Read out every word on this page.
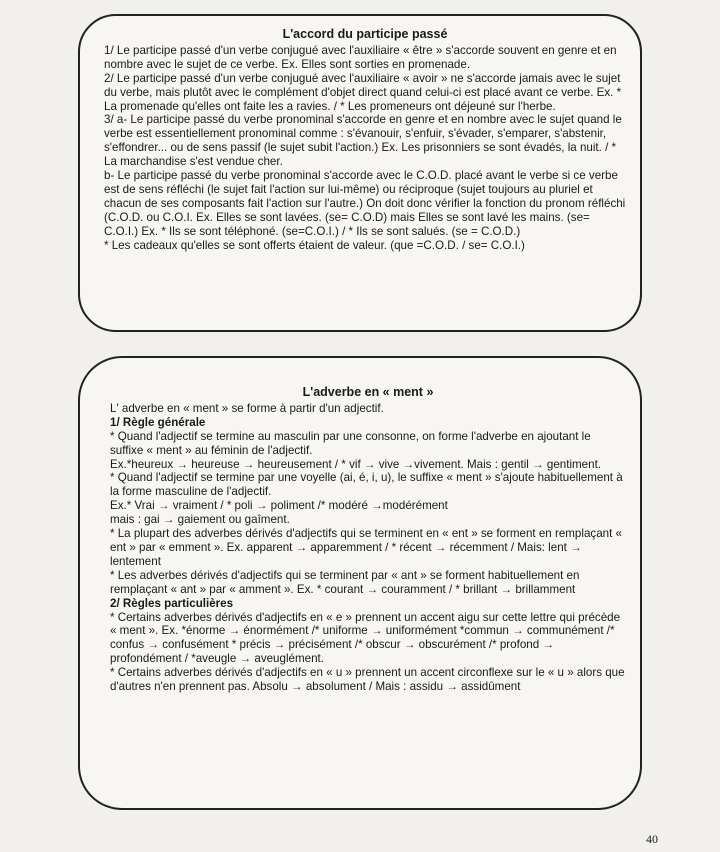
L'accord du participe passé

1/ Le participe passé d'un verbe conjugué avec l'auxiliaire « être » s'accorde souvent en genre et en nombre avec le sujet de ce verbe. Ex. Elles sont sorties en promenade.

2/ Le participe passé d'un verbe conjugué avec l'auxiliaire « avoir » ne s'accorde jamais avec le sujet du verbe, mais plutôt avec le complément d'objet direct quand celui-ci est placé avant ce verbe. Ex. * La promenade qu'elles ont faite les a ravies. / * Les promeneurs ont déjeuné sur l'herbe.

3/ a- Le participe passé du verbe pronominal s'accorde en genre et en nombre avec le sujet quand le verbe est essentiellement pronominal comme : s'évanouir, s'enfuir, s'évader, s'emparer, s'abstenir, s'effondrer... ou de sens passif (le sujet subit l'action.) Ex. Les prisonniers se sont évadés, la nuit. / * La marchandise s'est vendue cher.

b- Le participe passé du verbe pronominal s'accorde avec le C.O.D. placé avant le verbe si ce verbe est de sens réfléchi (le sujet fait l'action sur lui-même) ou réciproque (sujet toujours au pluriel et chacun de ses composants fait l'action sur l'autre.) On doit donc vérifier la fonction du pronom réfléchi (C.O.D. ou C.O.I. Ex. Elles se sont lavées. (se= C.O.D) mais Elles se sont lavé les mains. (se= C.O.I.) Ex. * Ils se sont téléphoné. (se=C.O.I.) / * Ils se sont salués. (se = C.O.D.)

* Les cadeaux qu'elles se sont offerts étaient de valeur. (que =C.O.D. / se= C.O.I.)

L'adverbe en « ment »

L' adverbe en « ment » se forme à partir d'un adjectif.

1/ Règle générale

* Quand l'adjectif se termine au masculin par une consonne, on forme l'adverbe en ajoutant le suffixe « ment » au féminin de l'adjectif.

Ex.*heureux → heureuse → heureusement / * vif → vive →vivement. Mais : gentil → gentiment.

* Quand l'adjectif se termine par une voyelle (ai, é, i, u), le suffixe « ment » s'ajoute habituellement à la forme masculine de l'adjectif.

Ex.* Vrai → vraiment / * poli → poliment /* modéré →modérément

mais : gai → gaiement ou gaîment.

* La plupart des adverbes dérivés d'adjectifs qui se terminent en « ent » se forment en remplaçant « ent » par « emment ». Ex. apparent → apparemment / * récent → récemment / Mais: lent → lentement

* Les adverbes dérivés d'adjectifs qui se terminent par « ant » se forment habituellement en remplaçant « ant » par « amment ». Ex. * courant → couramment / * brillant → brillamment

2/ Règles particulières

* Certains adverbes dérivés d'adjectifs en « e » prennent un accent aigu sur cette lettre qui précède « ment ». Ex. *énorme → énormément /* uniforme → uniformément *commun → communément /* confus → confusément * précis → précisément /* obscur → obscurément /* profond → profondément / *aveugle → aveuglément.

* Certains adverbes dérivés d'adjectifs en « u » prennent un accent circonflexe sur le « u » alors que d'autres n'en prennent pas. Absolu → absolument / Mais : assidu → assidûment

40
